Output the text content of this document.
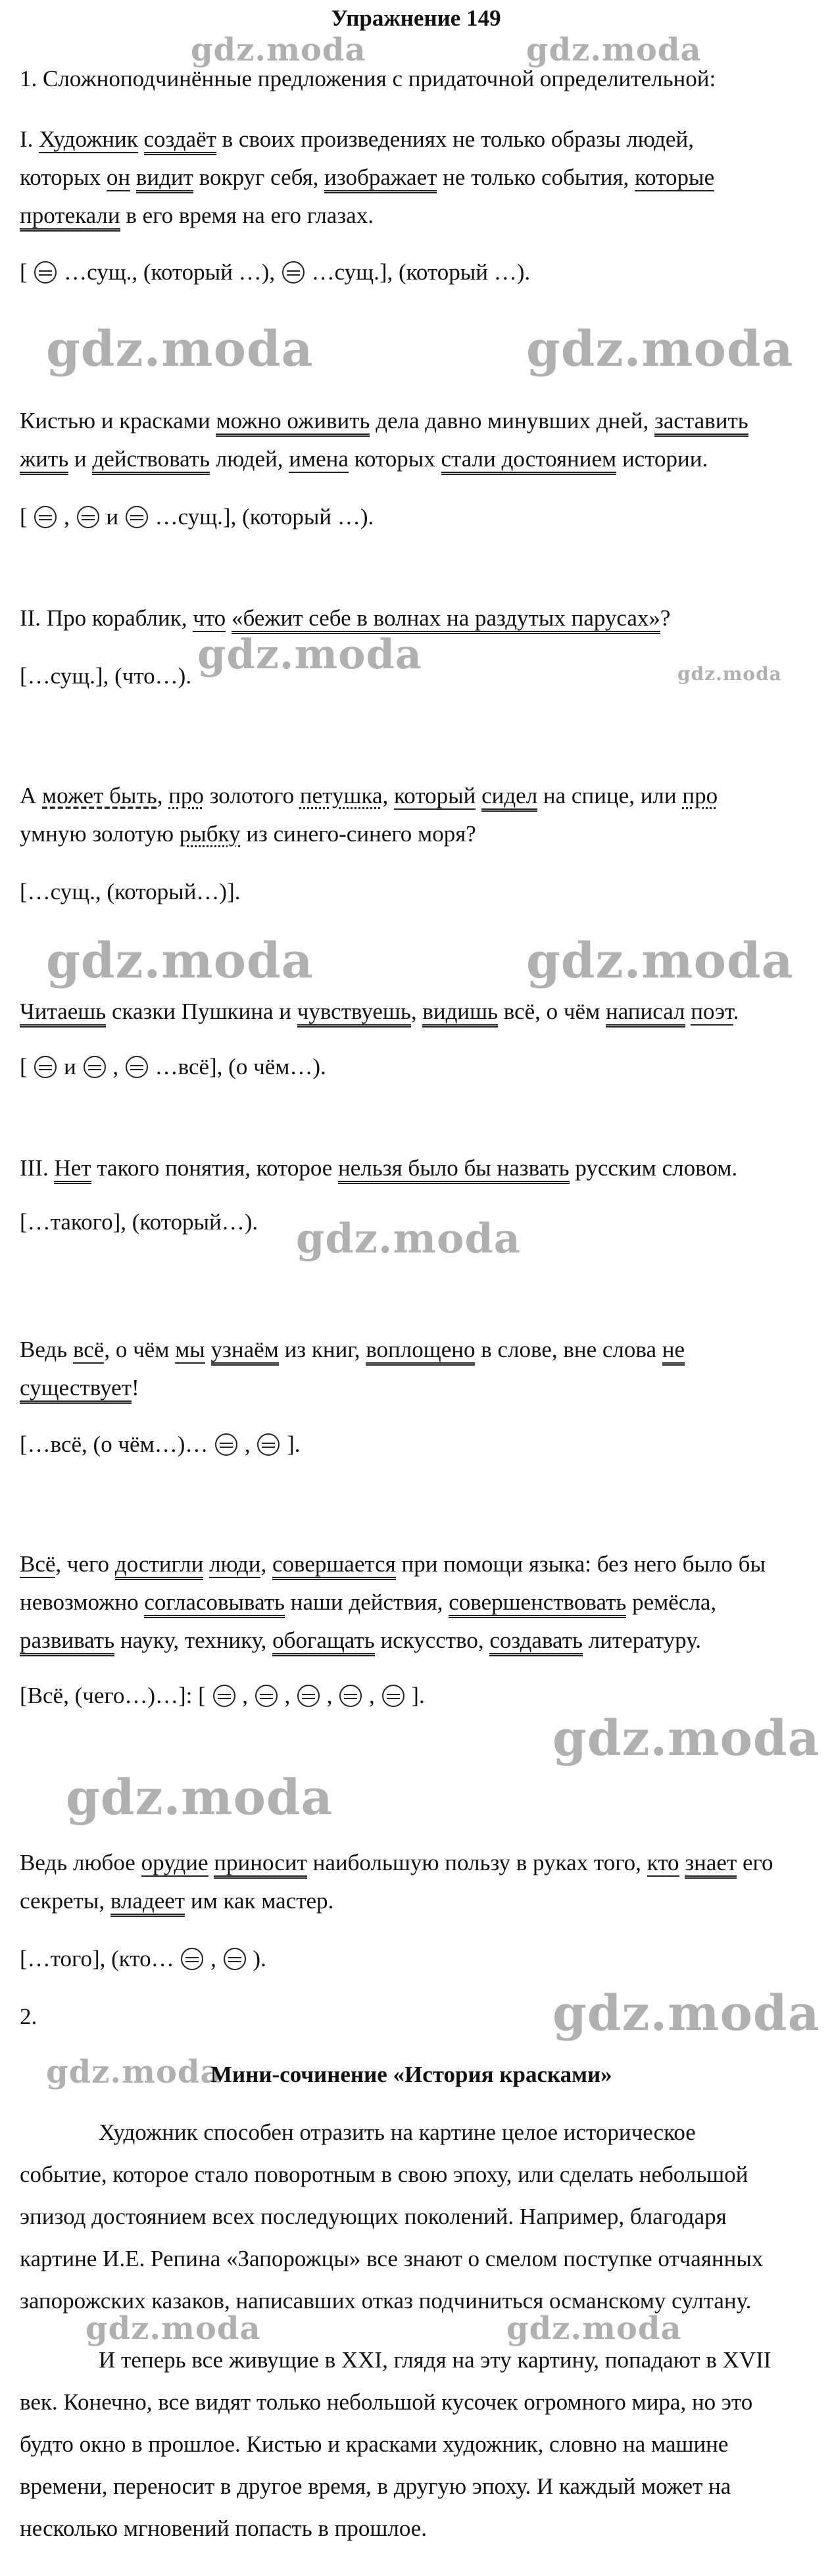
Упражнение 149
gdz.moda	gdz.moda
gdz.moda	gdz.moda
gdz.moda	gdz.moda
gdz.moda	gdz.moda
gdz.moda
gdz.moda
gdz.moda
gdz.moda
gdz.moda
gdz.moda	gdz.moda
1. Сложноподчинённые предложения с придаточной определительной:
I. Художник создаёт в своих произведениях не только образы людей,
которых он видит вокруг себя, изображает не только события, которые
протекали в его время на его глазах.
[  …сущ., (который …),  …сущ.], (который …).
Кистью и красками можно оживить дела давно минувших дней, заставить
жить и действовать людей, имена которых стали достоянием истории.
[  ,  и  …сущ.], (который …).
II. Про кораблик, что «бежит себе в волнах на раздутых парусах»?
[…сущ.], (что…).
А может быть, про золотого петушка, который сидел на спице, или про
умную золотую рыбку из синего-синего моря?
[…сущ., (который…)].
Читаешь сказки Пушкина и чувствуешь, видишь всё, о чём написал поэт.
[  и  ,  …всё], (о чём…).
III. Нет такого понятия, которое нельзя было бы назвать русским словом.
[…такого], (который…).
Ведь всё, о чём мы узнаём из книг, воплощено в слове, вне слова не
существует!
[…всё, (о чём…)…  ,  ].
Всё, чего достигли люди, совершается при помощи языка: без него было бы
невозможно согласовывать наши действия, совершенствовать ремёсла,
развивать науку, технику, обогащать искусство, создавать литературу.
[Всё, (чего…)…]: [  ,  ,  ,  ,  ].
Ведь любое орудие приносит наибольшую пользу в руках того, кто знает его
секреты, владеет им как мастер.
[…того], (кто…  ,  ).
2.
Мини-сочинение «История красками»
Художник способен отразить на картине целое историческое
событие, которое стало поворотным в свою эпоху, или сделать небольшой
эпизод достоянием всех последующих поколений. Например, благодаря
картине И.Е. Репина «Запорожцы» все знают о смелом поступке отчаянных
запорожских казаков, написавших отказ подчиниться османскому султану.
И теперь все живущие в XXI, глядя на эту картину, попадают в XVII
век. Конечно, все видят только небольшой кусочек огромного мира, но это
будто окно в прошлое. Кистью и красками художник, словно на машине
времени, переносит в другое время, в другую эпоху. И каждый может на
несколько мгновений попасть в прошлое.
